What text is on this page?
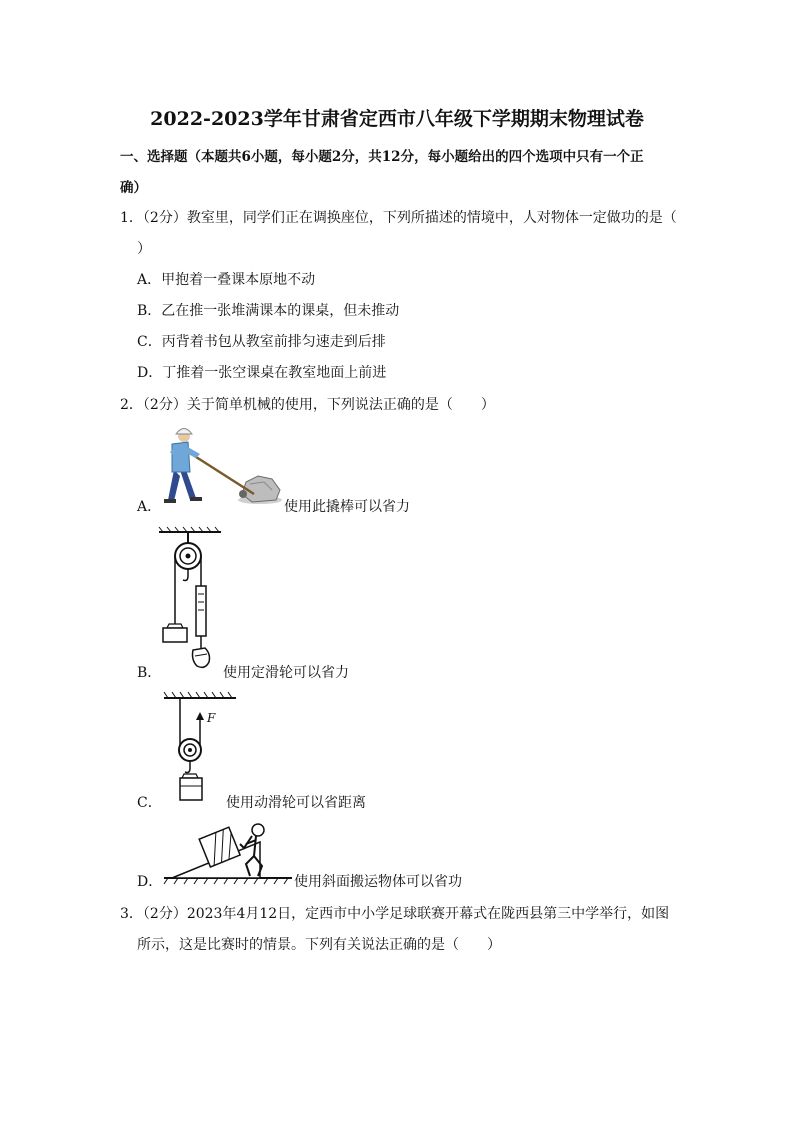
2022-2023学年甘肃省定西市八年级下学期期末物理试卷
一、选择题（本题共6小题，每小题2分，共12分，每小题给出的四个选项中只有一个正
确）
1．（2分）教室里，同学们正在调换座位，下列所描述的情境中，人对物体一定做功的是（
）
A．甲抱着一叠课本原地不动
B．乙在推一张堆满课本的课桌，但未推动
C．丙背着书包从教室前排匀速走到后排
D．丁推着一张空课桌在教室地面上前进
2．（2分）关于简单机械的使用，下列说法正确的是（　　）
A．	使用此撬棒可以省力
B．	使用定滑轮可以省力
C．
F
使用动滑轮可以省距离
D．	使用斜面搬运物体可以省功
3．（2分）2023年4月12日，定西市中小学足球联赛开幕式在陇西县第三中学举行，如图
所示，这是比赛时的情景。下列有关说法正确的是（　　）
